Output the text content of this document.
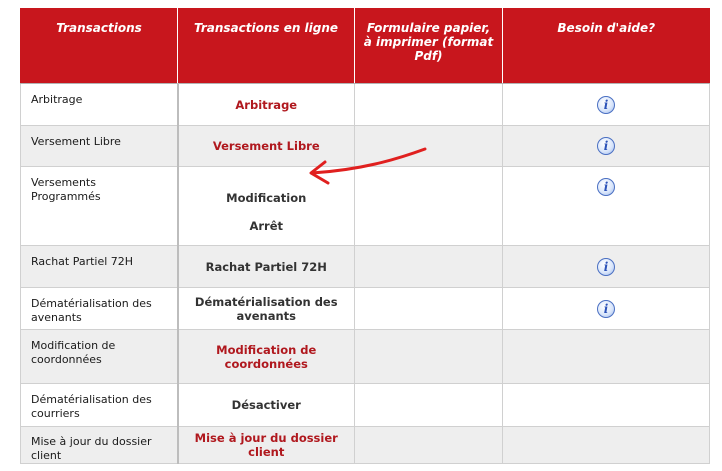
Transactions	Transactions en ligne	Formulaire papier,
à imprimer (format
Pdf)	Besoin d'aide?
Arbitrage	Arbitrage		i
Versement Libre	Versement Libre		i
Versements Programmés	Modification		i
	Arrêt		
Rachat Partiel 72H	Rachat Partiel 72H		i
Dématérialisation des avenants	Dématérialisation des avenants		i
Modification de coordonnées	Modification de coordonnées		
Dématérialisation des courriers	Désactiver		
Mise à jour du dossier client	Mise à jour du dossier client		
